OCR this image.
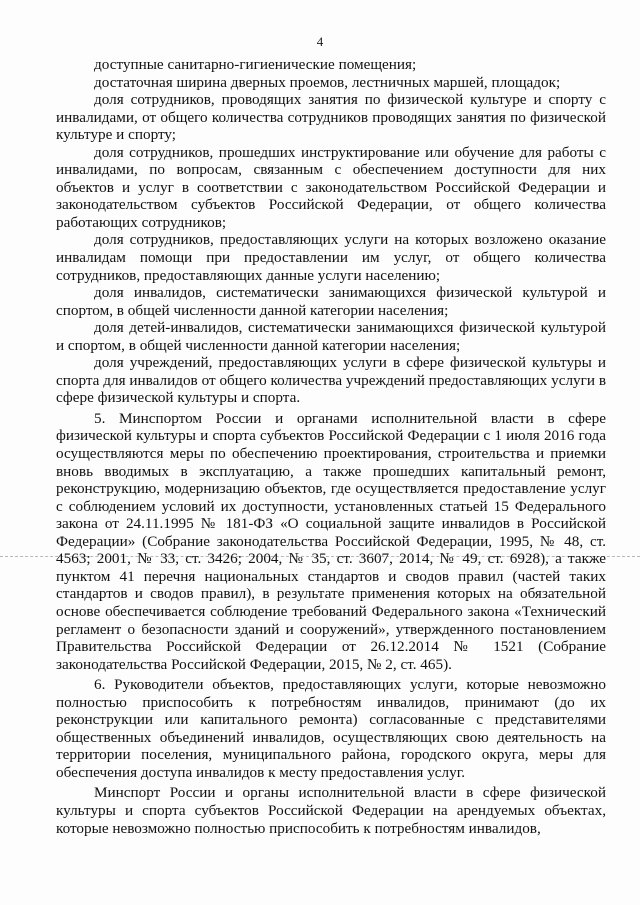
4

доступные санитарно-гигиенические помещения;

достаточная ширина дверных проемов, лестничных маршей, площадок;

доля сотрудников, проводящих занятия по физической культуре и спорту с инвалидами, от общего количества сотрудников проводящих занятия по физической культуре и спорту;

доля сотрудников, прошедших инструктирование или обучение для работы с инвалидами, по вопросам, связанным с обеспечением доступности для них объектов и услуг в соответствии с законодательством Российской Федерации и законодательством субъектов Российской Федерации, от общего количества работающих сотрудников;

доля сотрудников, предоставляющих услуги на которых возложено оказание инвалидам помощи при предоставлении им услуг, от общего количества сотрудников, предоставляющих данные услуги населению;

доля инвалидов, систематически занимающихся физической культурой и спортом, в общей численности данной категории населения;

доля детей-инвалидов, систематически занимающихся физической культурой и спортом, в общей численности данной категории населения;

доля учреждений, предоставляющих услуги в сфере физической культуры и спорта для инвалидов от общего количества учреждений предоставляющих услуги в сфере физической культуры и спорта.

5. Минспортом России и органами исполнительной власти в сфере физической культуры и спорта субъектов Российской Федерации с 1 июля 2016 года осуществляются меры по обеспечению проектирования, строительства и приемки вновь вводимых в эксплуатацию, а также прошедших капитальный ремонт, реконструкцию, модернизацию объектов, где осуществляется предоставление услуг с соблюдением условий их доступности, установленных статьей 15 Федерального закона от 24.11.1995 № 181-ФЗ «О социальной защите инвалидов в Российской Федерации» (Собрание законодательства Российской Федерации, 1995, № 48, ст. 4563; 2001, № 33, ст. 3426; 2004, № 35, ст. 3607, 2014, № 49, ст. 6928), а также пунктом 41 перечня национальных стандартов и сводов правил (частей таких стандартов и сводов правил), в результате применения которых на обязательной основе обеспечивается соблюдение требований Федерального закона «Технический регламент о безопасности зданий и сооружений», утвержденного постановлением Правительства Российской Федерации от 26.12.2014 № 1521 (Собрание законодательства Российской Федерации, 2015, № 2, ст. 465).

6. Руководители объектов, предоставляющих услуги, которые невозможно полностью приспособить к потребностям инвалидов, принимают (до их реконструкции или капитального ремонта) согласованные с представителями общественных объединений инвалидов, осуществляющих свою деятельность на территории поселения, муниципального района, городского округа, меры для обеспечения доступа инвалидов к месту предоставления услуг.

Минспорт России и органы исполнительной власти в сфере физической культуры и спорта субъектов Российской Федерации на арендуемых объектах, которые невозможно полностью приспособить к потребностям инвалидов,
